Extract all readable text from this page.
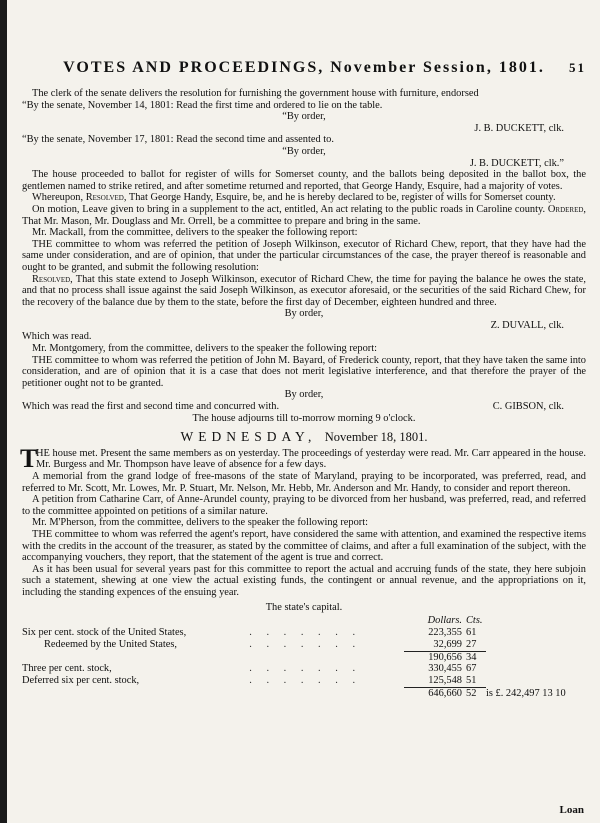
VOTES AND PROCEEDINGS, November Session, 1801. 51

The clerk of the senate delivers the resolution for furnishing the government house with furniture, endorsed

“By the senate, November 14, 1801: Read the first time and ordered to lie on the table.

“By order,

J. B. DUCKETT, clk.

“By the senate, November 17, 1801: Read the second time and assented to.

“By order,

J. B. DUCKETT, clk.”

The house proceeded to ballot for register of wills for Somerset county, and the ballots being deposited in the ballot box, the gentlemen named to strike retired, and after sometime returned and reported, that George Handy, Esquire, had a majority of votes.

Whereupon, Resolved, That George Handy, Esquire, be, and he is hereby declared to be, register of wills for Somerset county.

On motion, Leave given to bring in a supplement to the act, entitled, An act relating to the public roads in Caroline county. Ordered, That Mr. Mason, Mr. Douglass and Mr. Orrell, be a committee to prepare and bring in the same.

Mr. Mackall, from the committee, delivers to the speaker the following report:

THE committee to whom was referred the petition of Joseph Wilkinson, executor of Richard Chew, report, that they have had the same under consideration, and are of opinion, that under the particular circumstances of the case, the prayer thereof is reasonable and ought to be granted, and submit the following resolution:

Resolved, That this state extend to Joseph Wilkinson, executor of Richard Chew, the time for paying the balance he owes the state, and that no process shall issue against the said Joseph Wilkinson, as executor aforesaid, or the securities of the said Richard Chew, for the recovery of the balance due by them to the state, before the first day of December, eighteen hundred and three.

By order,

Z. DUVALL, clk.

Which was read.

Mr. Montgomery, from the committee, delivers to the speaker the following report:

THE committee to whom was referred the petition of John M. Bayard, of Frederick county, report, that they have taken the same into consideration, and are of opinion that it is a case that does not merit legislative interference, and that therefore the prayer of the petitioner ought not to be granted.

By order,

Which was read the first and second time and concurred with.	C. GIBSON, clk.

The house adjourns till to-morrow morning 9 o'clock.

WEDNESDAY, November 18, 1801.
T

HE house met. Present the same members as on yesterday. The proceedings of yesterday were read. Mr. Carr appeared in the house. Mr. Burgess and Mr. Thompson have leave of absence for a few days.

A memorial from the grand lodge of free-masons of the state of Maryland, praying to be incorporated, was preferred, read, and referred to Mr. Scott, Mr. Lowes, Mr. P. Stuart, Mr. Nelson, Mr. Hebb, Mr. Anderson and Mr. Handy, to consider and report thereon.

A petition from Catharine Carr, of Anne-Arundel county, praying to be divorced from her husband, was preferred, read, and referred to the committee appointed on petitions of a similar nature.

Mr. M'Pherson, from the committee, delivers to the speaker the following report:

THE committee to whom was referred the agent's report, have considered the same with attention, and examined the respective items with the credits in the account of the treasurer, as stated by the committee of claims, and after a full examination of the subject, with the accompanying vouchers, they report, that the statement of the agent is true and correct.

As it has been usual for several years past for this committee to report the actual and accruing funds of the state, they here subjoin such a statement, shewing at one view the actual existing funds, the contingent or annual revenue, and the appropriations on it, including the standing expences of the ensuing year.

The state's capital.

		Dollars.	Cts.	
Six per cent. stock of the United States,	. . . . . . .	223,355	61	
Redeemed by the United States,	. . . . . . .	32,699	27	
		190,656	34	
Three per cent. stock,	. . . . . . .	330,455	67	
Deferred six per cent. stock,	. . . . . . .	125,548	51	
		646,660	52	is £. 242,497 13 10
Loan
